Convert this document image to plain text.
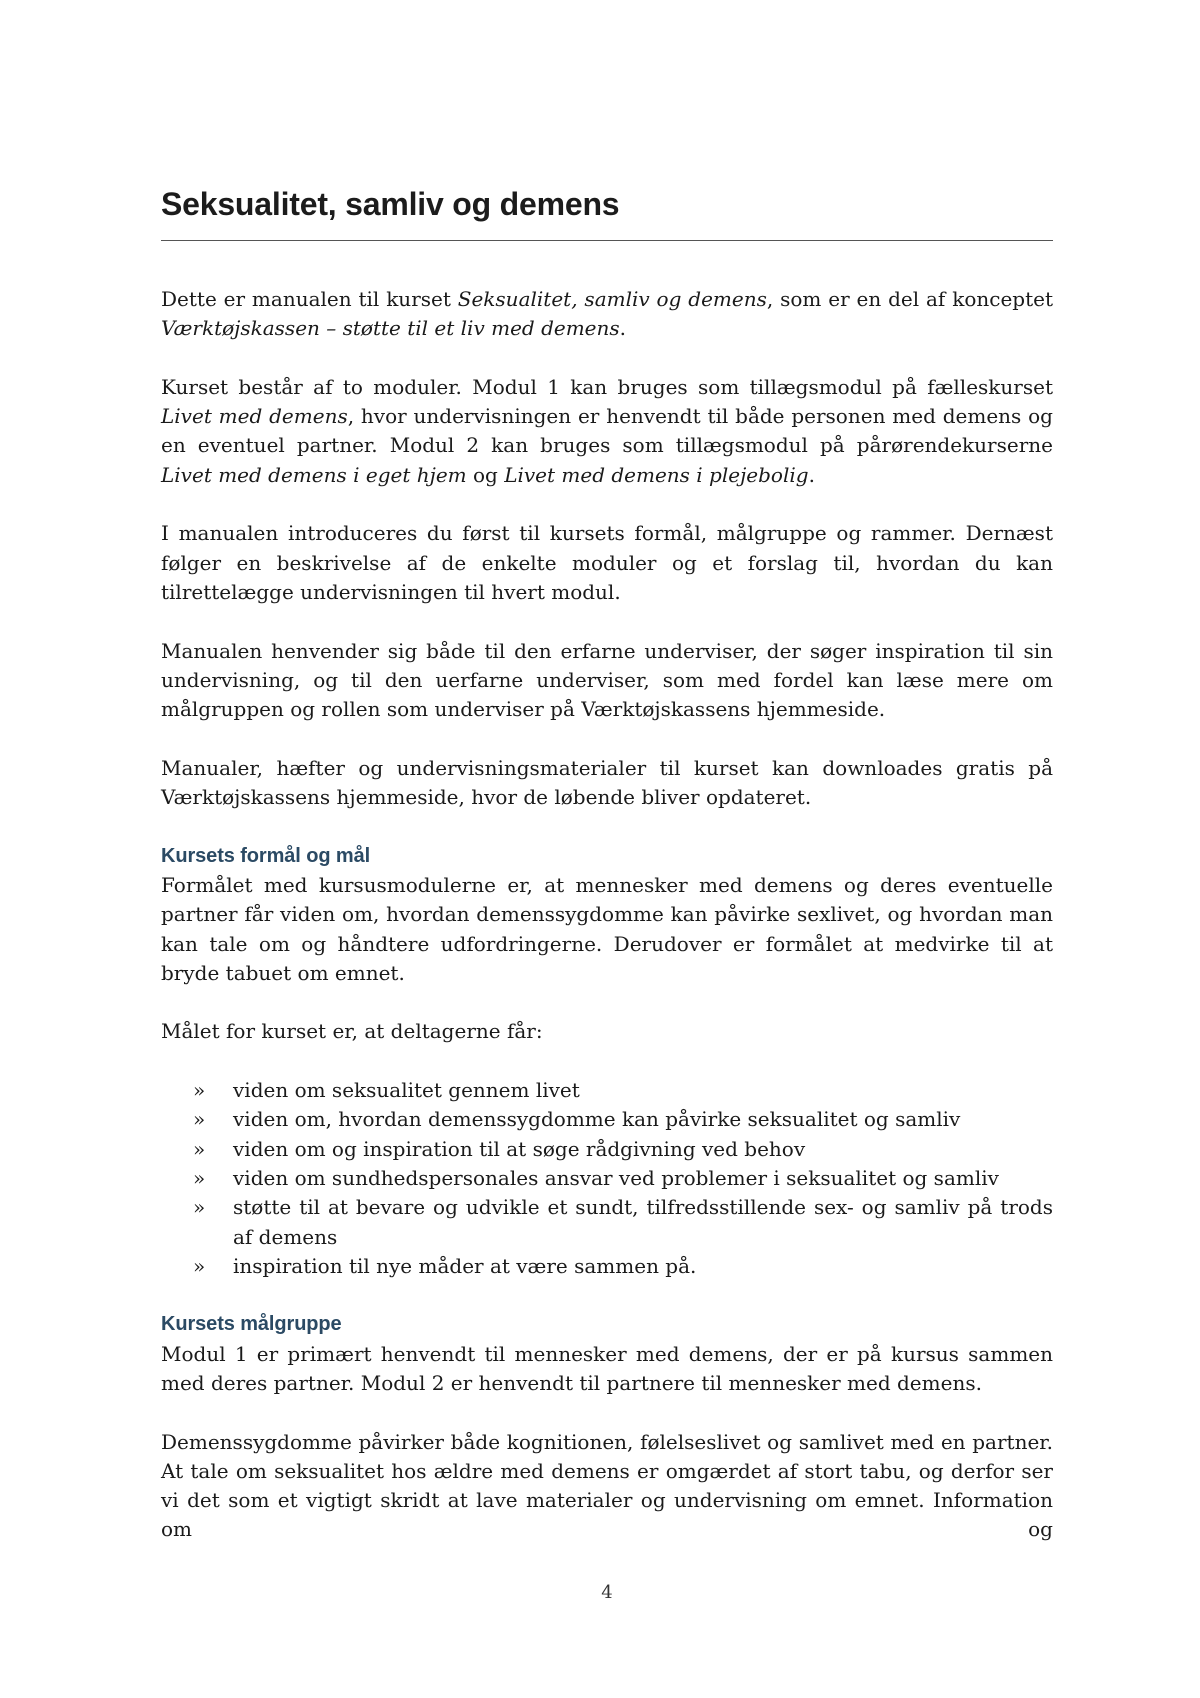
Seksualitet, samliv og demens

Dette er manualen til kurset Seksualitet, samliv og demens, som er en del af konceptet Værktøjskassen – støtte til et liv med demens.

Kurset består af to moduler. Modul 1 kan bruges som tillægsmodul på fælleskurset Livet med demens, hvor undervisningen er henvendt til både personen med demens og en eventuel partner. Modul 2 kan bruges som tillægsmodul på pårørendekurserne Livet med demens i eget hjem og Livet med demens i plejebolig.

I manualen introduceres du først til kursets formål, målgruppe og rammer. Dernæst følger en beskrivelse af de enkelte moduler og et forslag til, hvordan du kan tilrettelægge undervisningen til hvert modul.

Manualen henvender sig både til den erfarne underviser, der søger inspiration til sin undervisning, og til den uerfarne underviser, som med fordel kan læse mere om målgruppen og rollen som underviser på Værktøjskassens hjemmeside.

Manualer, hæfter og undervisningsmaterialer til kurset kan downloades gratis på Værktøjskassens hjemmeside, hvor de løbende bliver opdateret.

Kursets formål og mål

Formålet med kursusmodulerne er, at mennesker med demens og deres eventuelle partner får viden om, hvordan demenssygdomme kan påvirke sexlivet, og hvordan man kan tale om og håndtere udfordringerne. Derudover er formålet at medvirke til at bryde tabuet om emnet.

Målet for kurset er, at deltagerne får:

» viden om seksualitet gennem livet
» viden om, hvordan demenssygdomme kan påvirke seksualitet og samliv
» viden om og inspiration til at søge rådgivning ved behov
» viden om sundhedspersonales ansvar ved problemer i seksualitet og samliv
» støtte til at bevare og udvikle et sundt, tilfredsstillende sex- og samliv på trods af demens
» inspiration til nye måder at være sammen på.
Kursets målgruppe

Modul 1 er primært henvendt til mennesker med demens, der er på kursus sammen med deres partner. Modul 2 er henvendt til partnere til mennesker med demens.

Demenssygdomme påvirker både kognitionen, følelseslivet og samlivet med en partner. At tale om seksualitet hos ældre med demens er omgærdet af stort tabu, og derfor ser vi det som et vigtigt skridt at lave materialer og undervisning om emnet. Information om og

4
